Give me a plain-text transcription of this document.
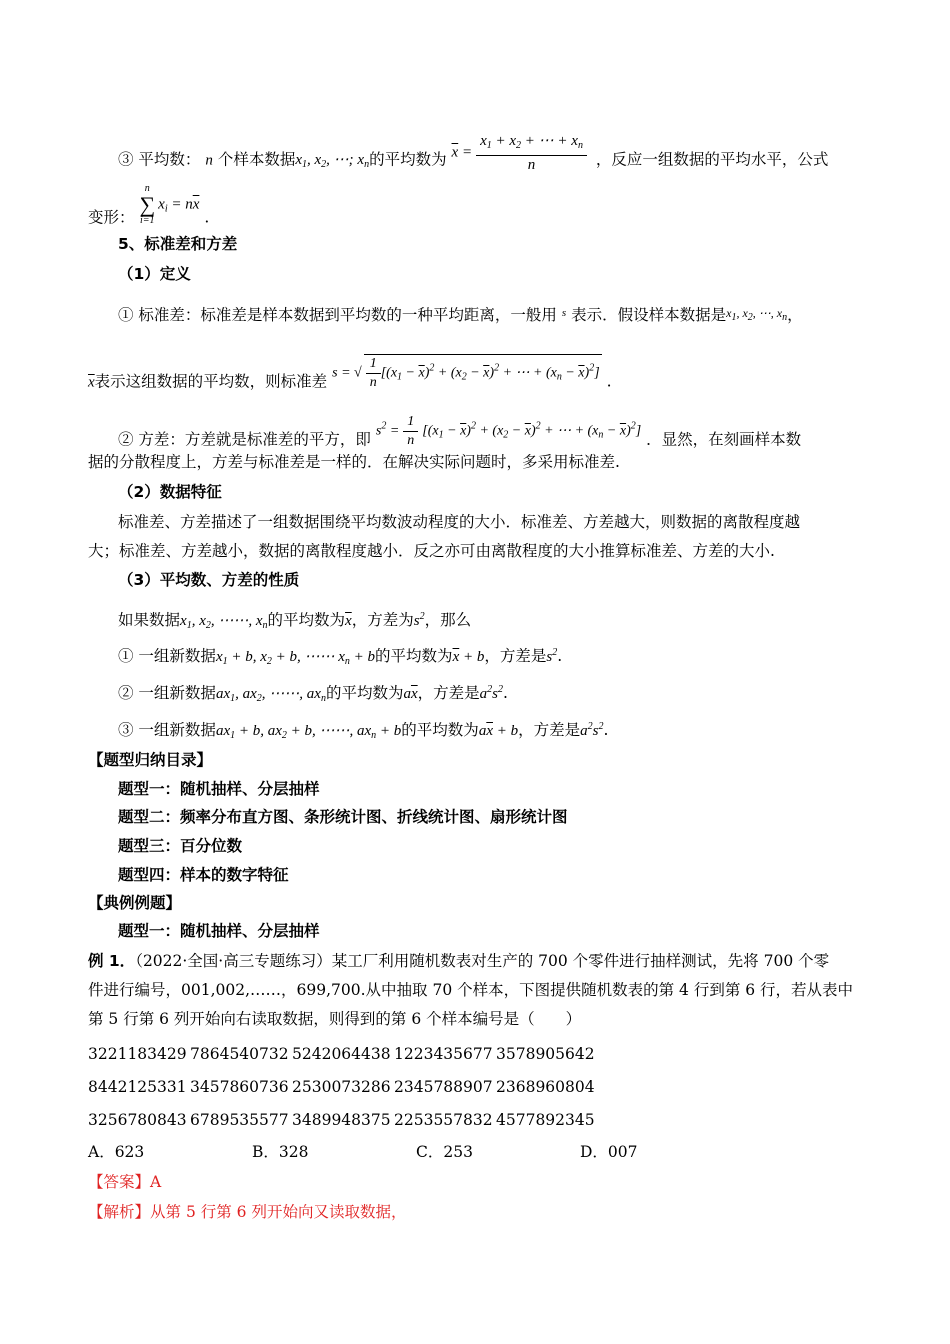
③ 平均数： n 个样本数据$x_1$, $x_2$, ⋯; $x_n$的平均数为 $\overline{x} = \frac{x_1 + x_2 + \cdots + x_n}{n}$ ，反应一组数据的平均水平，公式
变形：
n
∑
i=1
$x_i = n\overline{x}$ .
5、标准差和方差
（1）定义
① 标准差：标准差是样本数据到平均数的一种平均距离，一般用 $^s$ 表示．假设样本数据是$x_1$, $x_2$, ⋯, $x_n$，
$\overline{x}$表示这组数据的平均数，则标准差 s = √ $\frac{1}{n} [(x_1 - \overline{x})^2 + (x_2 - \overline{x})^2$ + ⋯ + $(x_n - \overline{x})^2$] .
② 方差：方差就是标准差的平方，即 $s^2 = \frac{1}{n} [(x_1 - \overline{x})^2 + (x_2 - \overline{x})^2$ + ⋯ + $(x_n - \overline{x})^2$] ．显然，在刻画样本数
据的分散程度上，方差与标准差是一样的．在解决实际问题时，多采用标准差.
（2）数据特征
标准差、方差描述了一组数据围绕平均数波动程度的大小．标准差、方差越大，则数据的离散程度越
大；标准差、方差越小，数据的离散程度越小．反之亦可由离散程度的大小推算标准差、方差的大小.
（3）平均数、方差的性质
如果数据$x_1$, $x_2$, ⋯⋯, $x_n$的平均数为$\overline{x}$，方差为$s^2$，那么
① 一组新数据$x_1 + b$, $x_2 + b$, ⋯⋯ $x_n + b$的平均数为$\overline{x} + b$，方差是$s^2$.
② 一组新数据$ax_1$, $ax_2$, ⋯⋯, $ax_n$的平均数为$a\overline{x}$，方差是$a^2s^2$.
③ 一组新数据$ax_1 + b$, $ax_2 + b$, ⋯⋯, $ax_n + b$的平均数为$a\overline{x} + b$，方差是$a^2s^2$.
【题型归纳目录】
题型一：随机抽样、分层抽样
题型二：频率分布直方图、条形统计图、折线统计图、扇形统计图
题型三：百分位数
题型四：样本的数字特征
【典例例题】
题型一：随机抽样、分层抽样
例 1．（2022·全国·高三专题练习）某工厂利用随机数表对生产的 700 个零件进行抽样测试，先将 700 个零
件进行编号，001,002,……，699,700.从中抽取 70 个样本，下图提供随机数表的第 4 行到第 6 行，若从表中
第 5 行第 6 列开始向右读取数据，则得到的第 6 个样本编号是（　　）
3221183429 7864540732 5242064438 1223435677 3578905642
8442125331 3457860736 2530073286 2345788907 2368960804
3256780843 6789535577 3489948375 2253557832 4577892345
A．623	B．328	C．253	D．007
【答案】A
【解析】从第 5 行第 6 列开始向又读取数据，
